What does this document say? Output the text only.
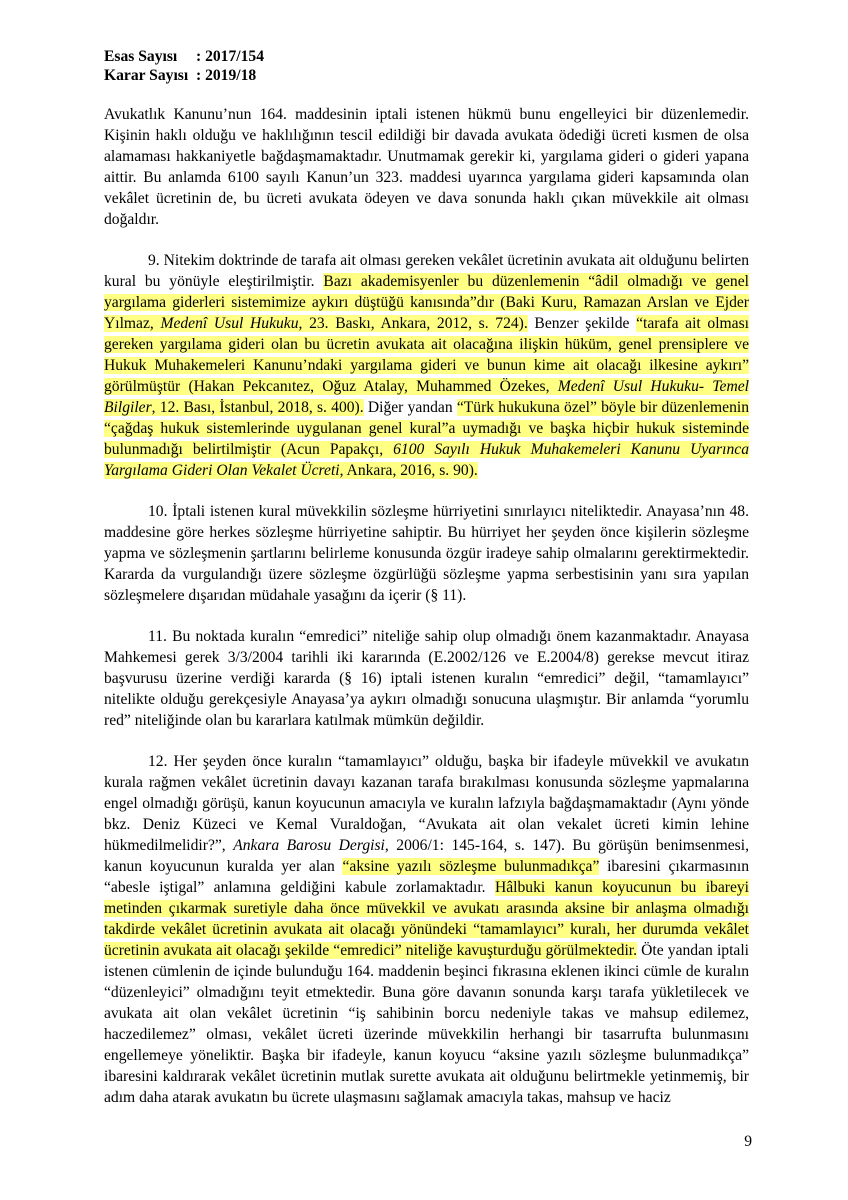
Esas Sayısı : 2017/154
Karar Sayısı : 2019/18

Avukatlık Kanunu’nun 164. maddesinin iptali istenen hükmü bunu engelleyici bir düzenlemedir. Kişinin haklı olduğu ve haklılığının tescil edildiği bir davada avukata ödediği ücreti kısmen de olsa alamaması hakkaniyetle bağdaşmamaktadır. Unutmamak gerekir ki, yargılama gideri o gideri yapana aittir. Bu anlamda 6100 sayılı Kanun’un 323. maddesi uyarınca yargılama gideri kapsamında olan vekâlet ücretinin de, bu ücreti avukata ödeyen ve dava sonunda haklı çıkan müvekkile ait olması doğaldır.

9. Nitekim doktrinde de tarafa ait olması gereken vekâlet ücretinin avukata ait olduğunu belirten kural bu yönüyle eleştirilmiştir. Bazı akademisyenler bu düzenlemenin “âdil olmadığı ve genel yargılama giderleri sistemimize aykırı düştüğü kanısında”dır (Baki Kuru, Ramazan Arslan ve Ejder Yılmaz, Medenî Usul Hukuku, 23. Baskı, Ankara, 2012, s. 724). Benzer şekilde “tarafa ait olması gereken yargılama gideri olan bu ücretin avukata ait olacağına ilişkin hüküm, genel prensiplere ve Hukuk Muhakemeleri Kanunu’ndaki yargılama gideri ve bunun kime ait olacağı ilkesine aykırı” görülmüştür (Hakan Pekcanıtez, Oğuz Atalay, Muhammed Özekes, Medenî Usul Hukuku- Temel Bilgiler, 12. Bası, İstanbul, 2018, s. 400). Diğer yandan “Türk hukukuna özel” böyle bir düzenlemenin “çağdaş hukuk sistemlerinde uygulanan genel kural”a uymadığı ve başka hiçbir hukuk sisteminde bulunmadığı belirtilmiştir (Acun Papakçı, 6100 Sayılı Hukuk Muhakemeleri Kanunu Uyarınca Yargılama Gideri Olan Vekalet Ücreti, Ankara, 2016, s. 90).

10. İptali istenen kural müvekkilin sözleşme hürriyetini sınırlayıcı niteliktedir. Anayasa’nın 48. maddesine göre herkes sözleşme hürriyetine sahiptir. Bu hürriyet her şeyden önce kişilerin sözleşme yapma ve sözleşmenin şartlarını belirleme konusunda özgür iradeye sahip olmalarını gerektirmektedir. Kararda da vurgulandığı üzere sözleşme özgürlüğü sözleşme yapma serbestisinin yanı sıra yapılan sözleşmelere dışarıdan müdahale yasağını da içerir (§ 11).

11. Bu noktada kuralın “emredici” niteliğe sahip olup olmadığı önem kazanmaktadır. Anayasa Mahkemesi gerek 3/3/2004 tarihli iki kararında (E.2002/126 ve E.2004/8) gerekse mevcut itiraz başvurusu üzerine verdiği kararda (§ 16) iptali istenen kuralın “emredici” değil, “tamamlayıcı” nitelikte olduğu gerekçesiyle Anayasa’ya aykırı olmadığı sonucuna ulaşmıştır. Bir anlamda “yorumlu red” niteliğinde olan bu kararlara katılmak mümkün değildir.

12. Her şeyden önce kuralın “tamamlayıcı” olduğu, başka bir ifadeyle müvekkil ve avukatın kurala rağmen vekâlet ücretinin davayı kazanan tarafa bırakılması konusunda sözleşme yapmalarına engel olmadığı görüşü, kanun koyucunun amacıyla ve kuralın lafzıyla bağdaşmamaktadır (Aynı yönde bkz. Deniz Küzeci ve Kemal Vuraldoğan, “Avukata ait olan vekalet ücreti kimin lehine hükmedilmelidir?”, Ankara Barosu Dergisi, 2006/1: 145-164, s. 147). Bu görüşün benimsenmesi, kanun koyucunun kuralda yer alan “aksine yazılı sözleşme bulunmadıkça” ibaresini çıkarmasının “abesle iştigal” anlamına geldiğini kabule zorlamaktadır. Hâlbuki kanun koyucunun bu ibareyi metinden çıkarmak suretiyle daha önce müvekkil ve avukatı arasında aksine bir anlaşma olmadığı takdirde vekâlet ücretinin avukata ait olacağı yönündeki “tamamlayıcı” kuralı, her durumda vekâlet ücretinin avukata ait olacağı şekilde “emredici” niteliğe kavuşturduğu görülmektedir. Öte yandan iptali istenen cümlenin de içinde bulunduğu 164. maddenin beşinci fıkrasına eklenen ikinci cümle de kuralın “düzenleyici” olmadığını teyit etmektedir. Buna göre davanın sonunda karşı tarafa yükletilecek ve avukata ait olan vekâlet ücretinin “iş sahibinin borcu nedeniyle takas ve mahsup edilemez, haczedilemez” olması, vekâlet ücreti üzerinde müvekkilin herhangi bir tasarrufta bulunmasını engellemeye yöneliktir. Başka bir ifadeyle, kanun koyucu “aksine yazılı sözleşme bulunmadıkça” ibaresini kaldırarak vekâlet ücretinin mutlak surette avukata ait olduğunu belirtmekle yetinmemiş, bir adım daha atarak avukatın bu ücrete ulaşmasını sağlamak amacıyla takas, mahsup ve haciz

9
